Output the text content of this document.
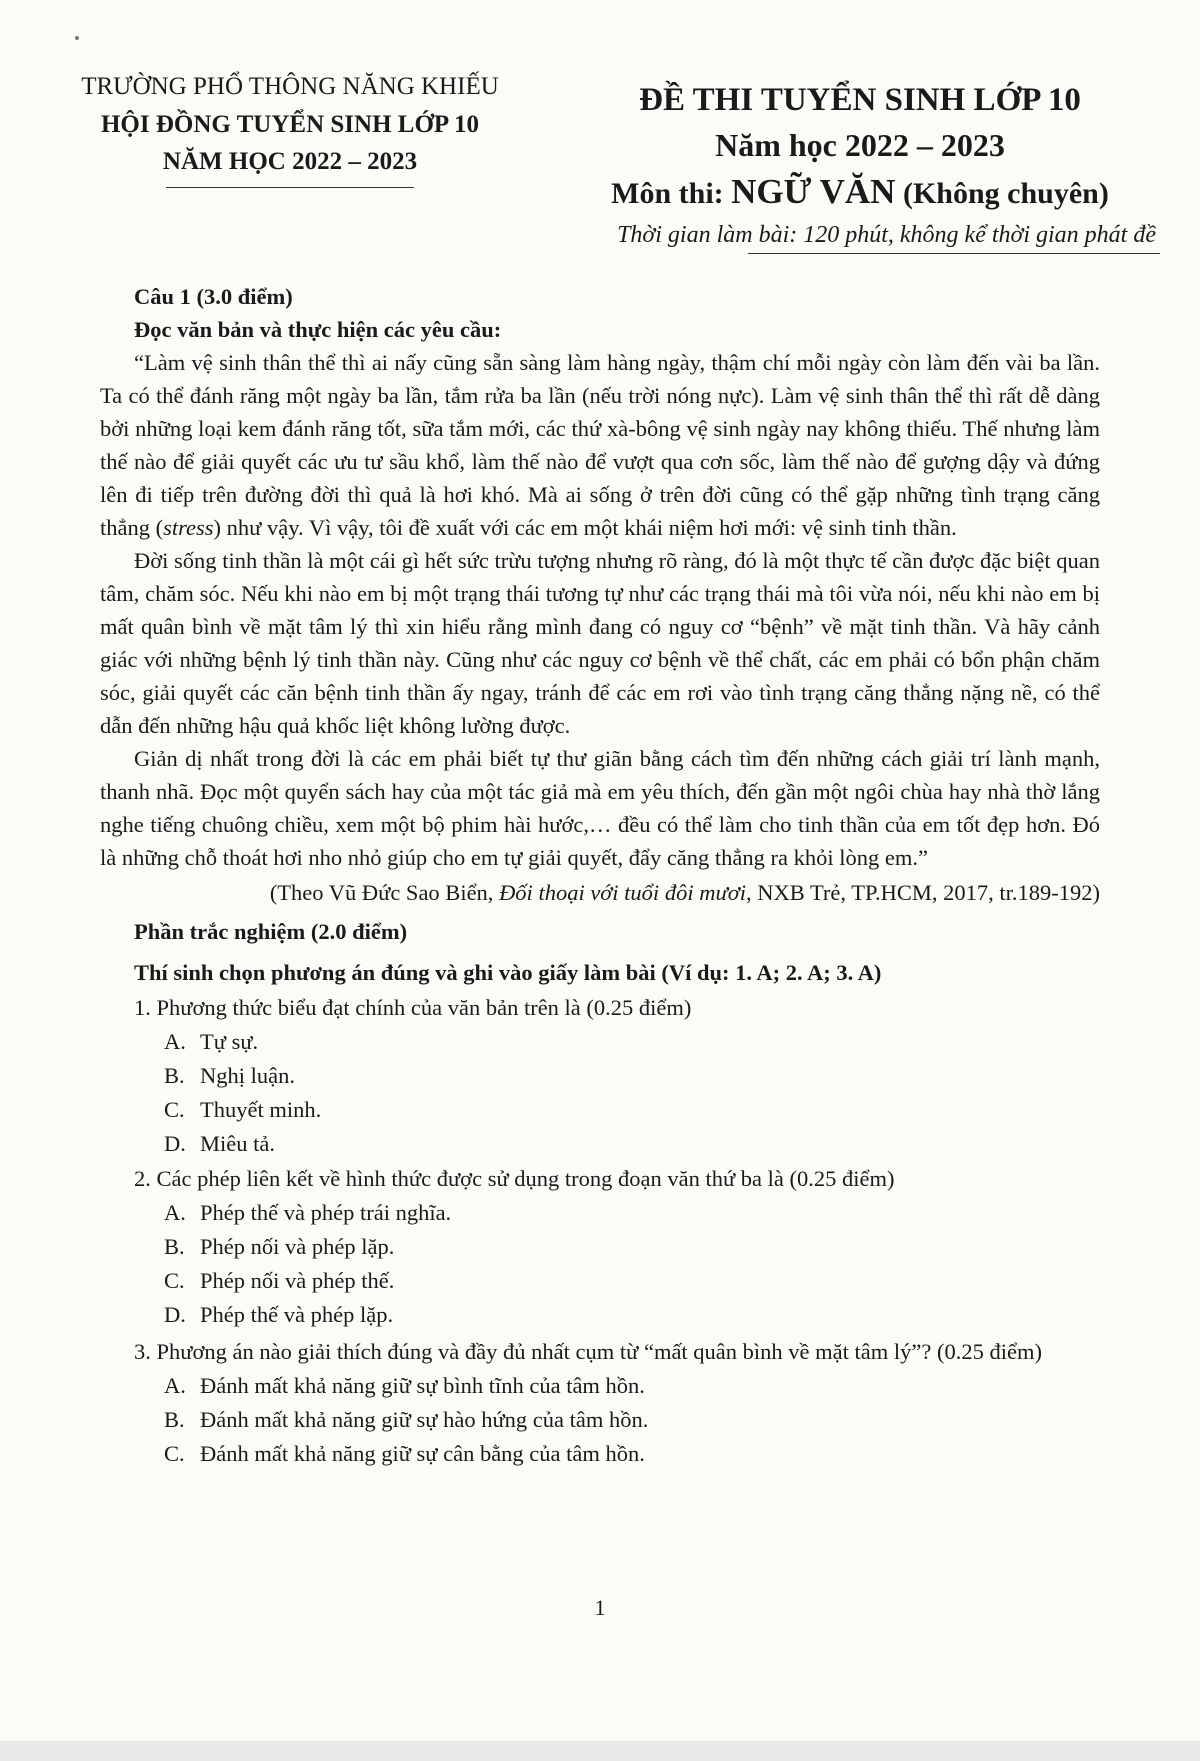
TRƯỜNG PHỔ THÔNG NĂNG KHIẾU
HỘI ĐỒNG TUYỂN SINH LỚP 10
NĂM HỌC 2022 – 2023
ĐỀ THI TUYỂN SINH LỚP 10
Năm học 2022 – 2023
Môn thi: NGỮ VĂN (Không chuyên)
Thời gian làm bài: 120 phút, không kể thời gian phát đề
Câu 1 (3.0 điểm)
Đọc văn bản và thực hiện các yêu cầu:

“Làm vệ sinh thân thể thì ai nấy cũng sẵn sàng làm hàng ngày, thậm chí mỗi ngày còn làm đến vài ba lần. Ta có thể đánh răng một ngày ba lần, tắm rửa ba lần (nếu trời nóng nực). Làm vệ sinh thân thể thì rất dễ dàng bởi những loại kem đánh răng tốt, sữa tắm mới, các thứ xà-bông vệ sinh ngày nay không thiếu. Thế nhưng làm thế nào để giải quyết các ưu tư sầu khổ, làm thế nào để vượt qua cơn sốc, làm thế nào để gượng dậy và đứng lên đi tiếp trên đường đời thì quả là hơi khó. Mà ai sống ở trên đời cũng có thể gặp những tình trạng căng thẳng (stress) như vậy. Vì vậy, tôi đề xuất với các em một khái niệm hơi mới: vệ sinh tinh thần.

Đời sống tinh thần là một cái gì hết sức trừu tượng nhưng rõ ràng, đó là một thực tế cần được đặc biệt quan tâm, chăm sóc. Nếu khi nào em bị một trạng thái tương tự như các trạng thái mà tôi vừa nói, nếu khi nào em bị mất quân bình về mặt tâm lý thì xin hiểu rằng mình đang có nguy cơ “bệnh” về mặt tinh thần. Và hãy cảnh giác với những bệnh lý tinh thần này. Cũng như các nguy cơ bệnh về thể chất, các em phải có bổn phận chăm sóc, giải quyết các căn bệnh tinh thần ấy ngay, tránh để các em rơi vào tình trạng căng thẳng nặng nề, có thể dẫn đến những hậu quả khốc liệt không lường được.

Giản dị nhất trong đời là các em phải biết tự thư giãn bằng cách tìm đến những cách giải trí lành mạnh, thanh nhã. Đọc một quyển sách hay của một tác giả mà em yêu thích, đến gần một ngôi chùa hay nhà thờ lắng nghe tiếng chuông chiều, xem một bộ phim hài hước,… đều có thể làm cho tinh thần của em tốt đẹp hơn. Đó là những chỗ thoát hơi nho nhỏ giúp cho em tự giải quyết, đẩy căng thẳng ra khỏi lòng em.”

(Theo Vũ Đức Sao Biển, Đối thoại với tuổi đôi mươi, NXB Trẻ, TP.HCM, 2017, tr.189-192)
Phần trắc nghiệm (2.0 điểm)
Thí sinh chọn phương án đúng và ghi vào giấy làm bài (Ví dụ: 1. A; 2. A; 3. A)
1. Phương thức biểu đạt chính của văn bản trên là (0.25 điểm)
A. Tự sự.
B. Nghị luận.
C. Thuyết minh.
D. Miêu tả.
2. Các phép liên kết về hình thức được sử dụng trong đoạn văn thứ ba là (0.25 điểm)
A. Phép thế và phép trái nghĩa.
B. Phép nối và phép lặp.
C. Phép nối và phép thế.
D. Phép thế và phép lặp.
3. Phương án nào giải thích đúng và đầy đủ nhất cụm từ “mất quân bình về mặt tâm lý”? (0.25 điểm)
A. Đánh mất khả năng giữ sự bình tĩnh của tâm hồn.
B. Đánh mất khả năng giữ sự hào hứng của tâm hồn.
C. Đánh mất khả năng giữ sự cân bằng của tâm hồn.
1
